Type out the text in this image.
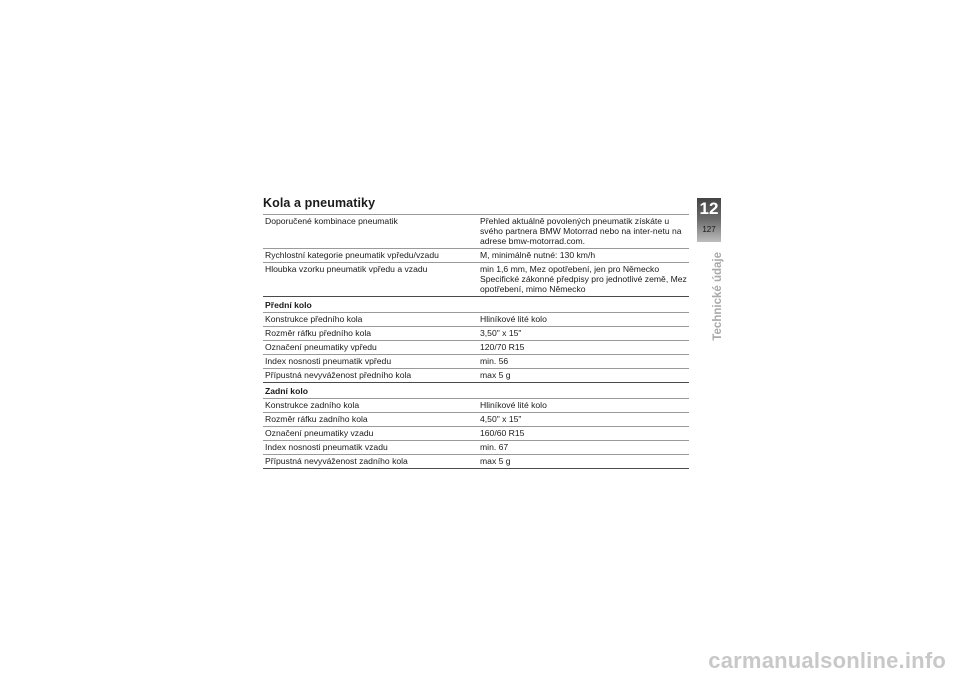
Kola a pneumatiky
Doporučené kombinace pneumatik	Přehled aktuálně povolených pneumatik získáte u svého partnera BMW Motorrad nebo na inter-netu na adrese bmw-motorrad.com.
Rychlostní kategorie pneumatik vpředu/vzadu	M, minimálně nutné: 130 km/h
Hloubka vzorku pneumatik vpředu a vzadu	min 1,6 mm, Mez opotřebení, jen pro Německo Specifické zákonné předpisy pro jednotlivé země, Mez opotřebení, mimo Německo
Přední kolo	
Konstrukce předního kola	Hliníkové lité kolo
Rozměr ráfku předního kola	3,50" x 15"
Označení pneumatiky vpředu	120/70 R15
Index nosnosti pneumatik vpředu	min. 56
Přípustná nevyváženost předního kola	max 5 g
Zadní kolo	
Konstrukce zadního kola	Hliníkové lité kolo
Rozměr ráfku zadního kola	4,50" x 15"
Označení pneumatiky vzadu	160/60 R15
Index nosnosti pneumatik vzadu	min. 67
Přípustná nevyváženost zadního kola	max 5 g
12
127
Technické údaje
carmanualsonline.info
